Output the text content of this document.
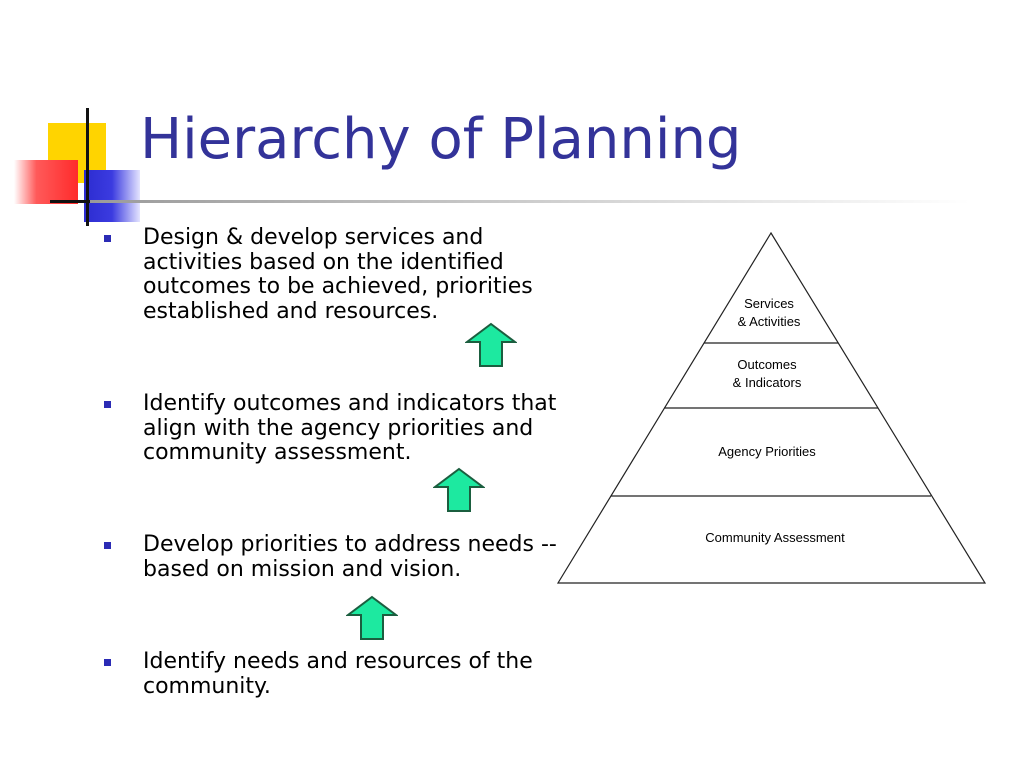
Hierarchy of Planning
Design & develop services and activities based on the identified outcomes to be achieved, priorities established and resources.
Identify outcomes and indicators that align with the agency priorities and community assessment.
Develop priorities to address needs -- based on mission and vision.
Identify needs and resources of the community.
Services
& Activities
Outcomes
& Indicators
Agency Priorities
Community Assessment
